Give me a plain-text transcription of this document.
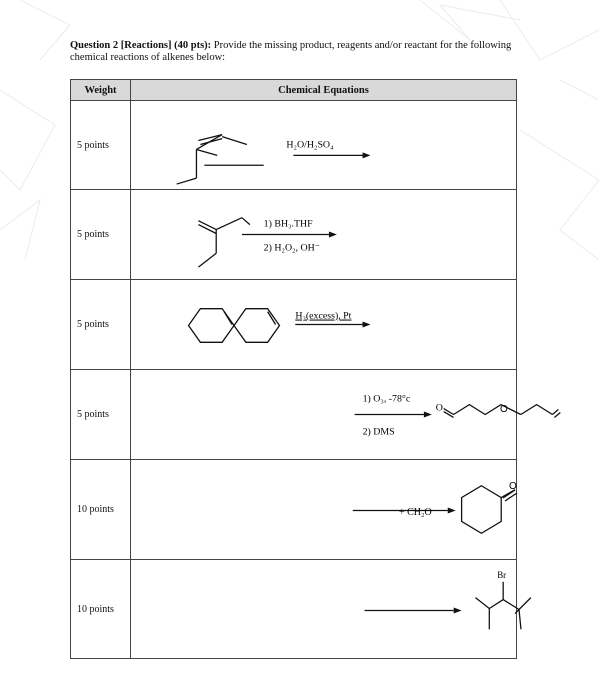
Question 2 [Reactions] (40 pts): Provide the missing product, reagents and/or reactant for the following chemical reactions of alkenes below:
Weight	Chemical Equations
5 points	H₂O/H₂SO₄

5 points	1) BH₃.THF
2) H₂O₂, OH⁻

5 points	H₂(excess), Pt

5 points	1) O₃, -78°c
2) DMS
O O

10 points	+ CH₂O
O

10 points	Br
